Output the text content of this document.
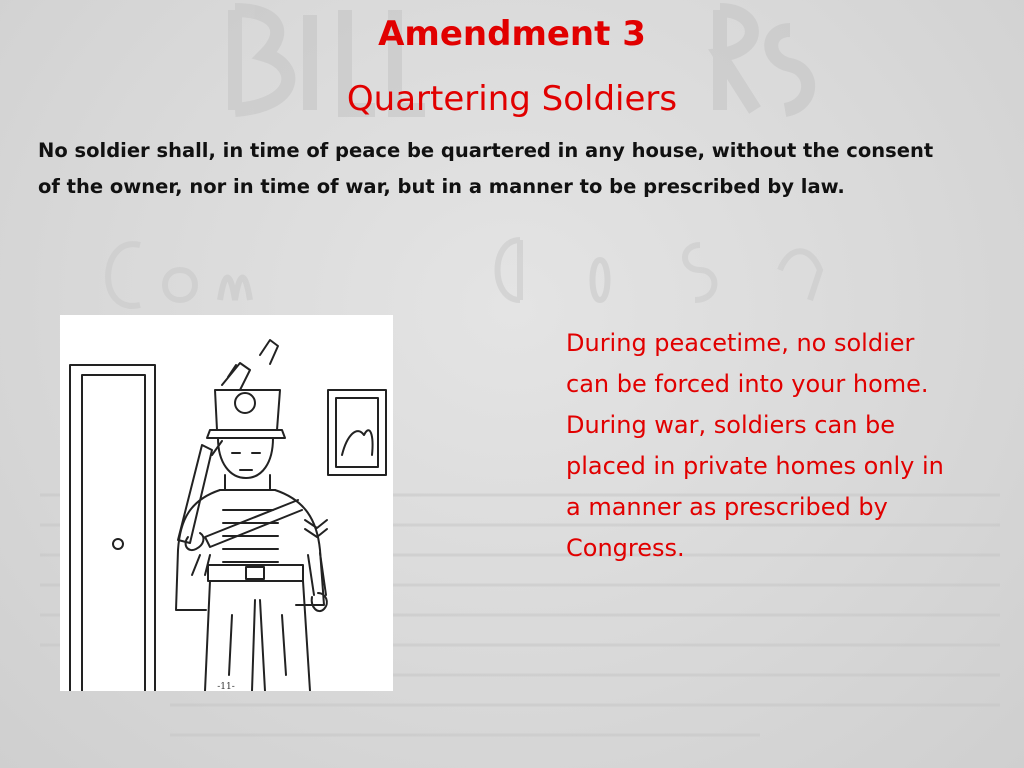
Amendment 3
Quartering Soldiers
No soldier shall, in time of peace be quartered in any house, without the consent of the owner, nor in time of war, but in a manner to be prescribed by law.
-11-
During peacetime, no soldier can be forced into your home. During war, soldiers can be placed in private homes only in a manner as prescribed by Congress.
